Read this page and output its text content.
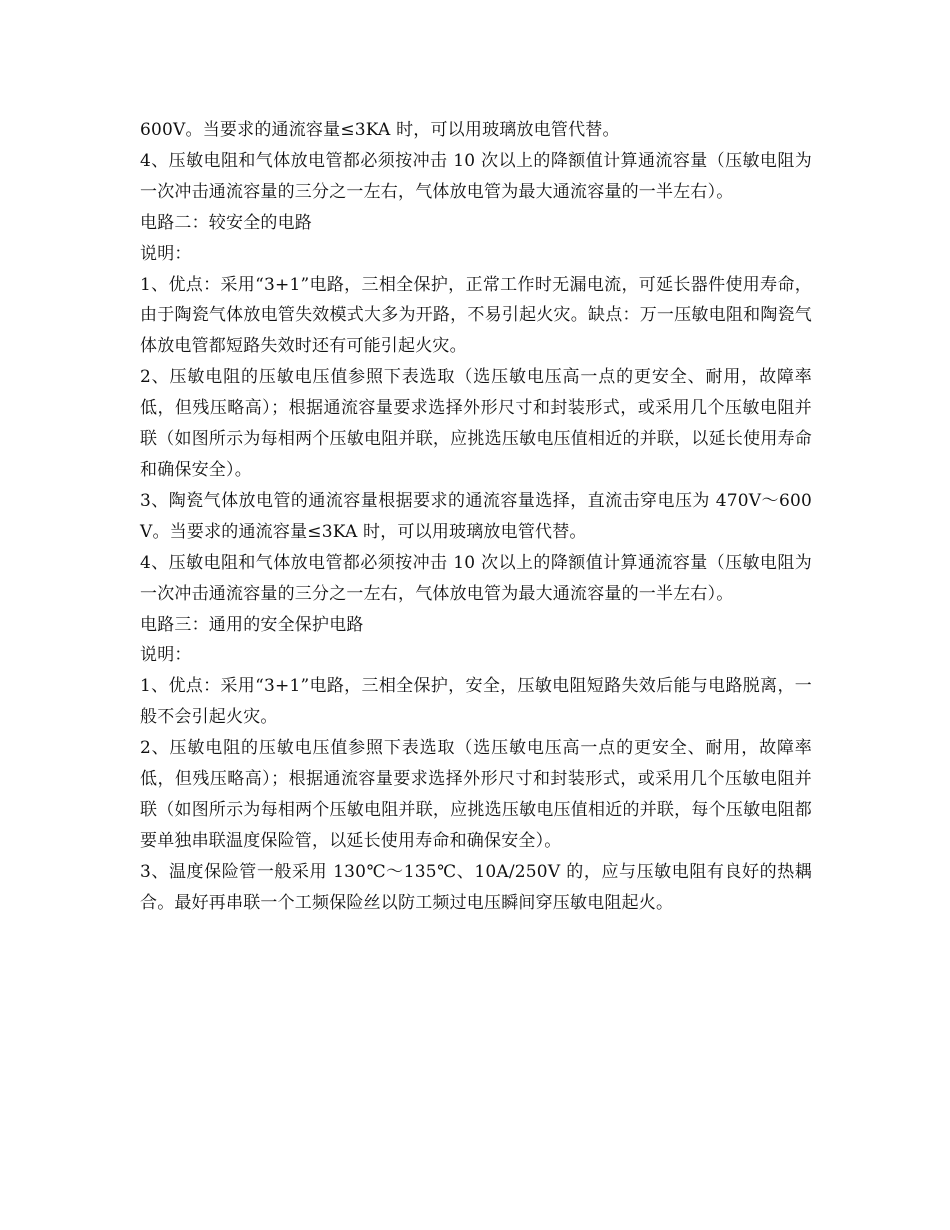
600V。当要求的通流容量≤3KA 时，可以用玻璃放电管代替。

4、压敏电阻和气体放电管都必须按冲击 10 次以上的降额值计算通流容量（压敏电阻为一次冲击通流容量的三分之一左右，气体放电管为最大通流容量的一半左右）。

电路二：较安全的电路

说明：

1、优点：采用“3+1”电路，三相全保护，正常工作时无漏电流，可延长器件使用寿命，由于陶瓷气体放电管失效模式大多为开路，不易引起火灾。缺点：万一压敏电阻和陶瓷气体放电管都短路失效时还有可能引起火灾。

2、压敏电阻的压敏电压值参照下表选取（选压敏电压高一点的更安全、耐用，故障率低，但残压略高）；根据通流容量要求选择外形尺寸和封装形式，或采用几个压敏电阻并联（如图所示为每相两个压敏电阻并联，应挑选压敏电压值相近的并联，以延长使用寿命和确保安全）。

3、陶瓷气体放电管的通流容量根据要求的通流容量选择，直流击穿电压为 470V～600V。当要求的通流容量≤3KA 时，可以用玻璃放电管代替。

4、压敏电阻和气体放电管都必须按冲击 10 次以上的降额值计算通流容量（压敏电阻为一次冲击通流容量的三分之一左右，气体放电管为最大通流容量的一半左右）。

电路三：通用的安全保护电路

说明：

1、优点：采用“3+1”电路，三相全保护，安全，压敏电阻短路失效后能与电路脱离，一般不会引起火灾。

2、压敏电阻的压敏电压值参照下表选取（选压敏电压高一点的更安全、耐用，故障率低，但残压略高）；根据通流容量要求选择外形尺寸和封装形式，或采用几个压敏电阻并联（如图所示为每相两个压敏电阻并联，应挑选压敏电压值相近的并联，每个压敏电阻都要单独串联温度保险管，以延长使用寿命和确保安全）。

3、温度保险管一般采用 130℃～135℃、10A/250V 的，应与压敏电阻有良好的热耦合。最好再串联一个工频保险丝以防工频过电压瞬间穿压敏电阻起火。
